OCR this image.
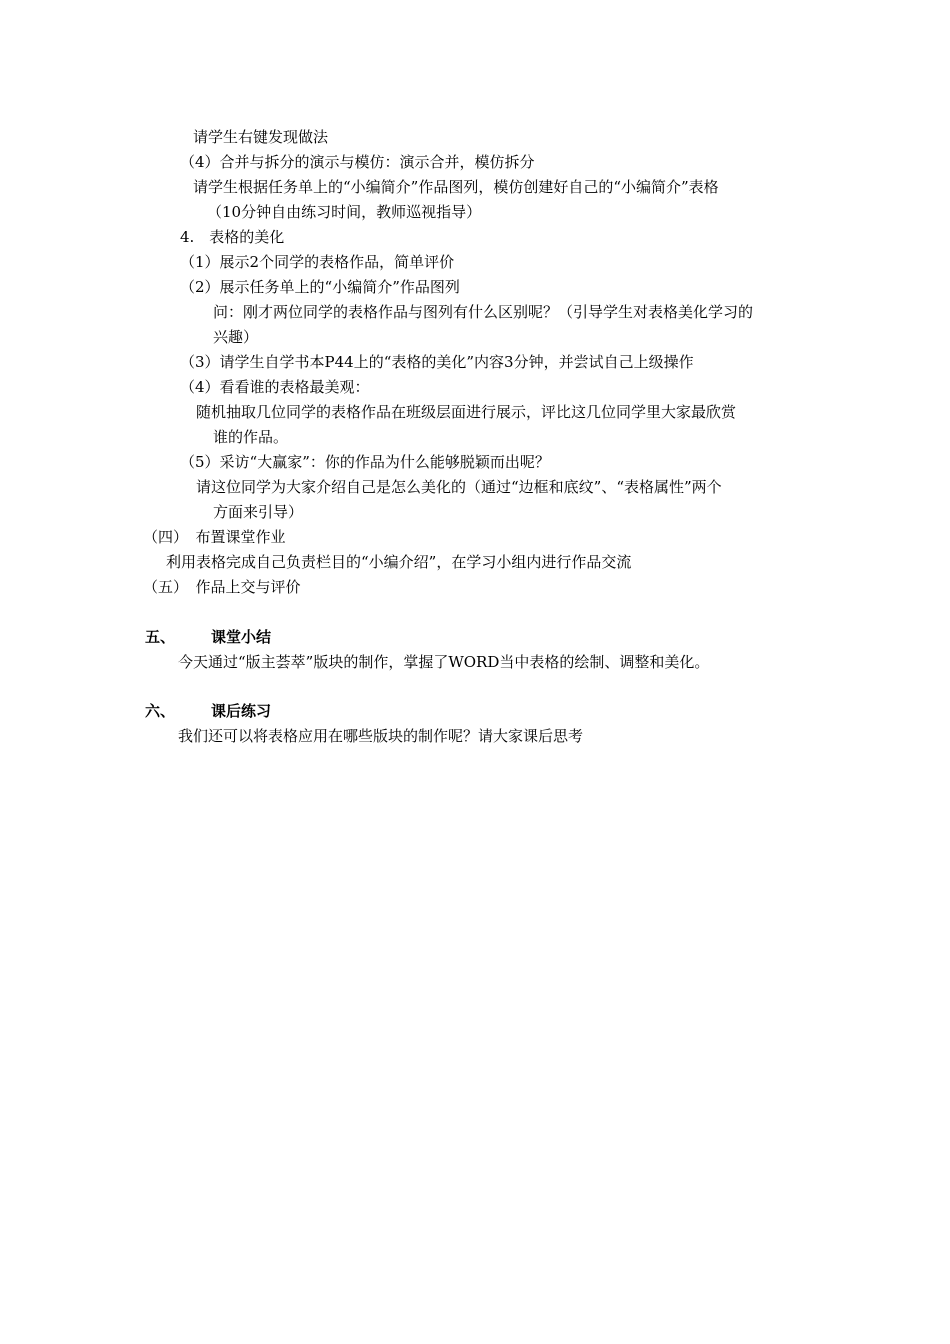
请学生右键发现做法
（4）合并与拆分的演示与模仿：演示合并，模仿拆分
请学生根据任务单上的“小编简介”作品图列，模仿创建好自己的“小编简介”表格
（10分钟自由练习时间，教师巡视指导）
4.　表格的美化
（1）展示2个同学的表格作品，简单评价
（2）展示任务单上的“小编简介”作品图列
问：刚才两位同学的表格作品与图列有什么区别呢？（引导学生对表格美化学习的
兴趣）
（3）请学生自学书本P44上的“表格的美化”内容3分钟，并尝试自己上级操作
（4）看看谁的表格最美观：
随机抽取几位同学的表格作品在班级层面进行展示，评比这几位同学里大家最欣赏
谁的作品。
（5）采访“大赢家”：你的作品为什么能够脱颖而出呢？
请这位同学为大家介绍自己是怎么美化的（通过“边框和底纹”、“表格属性”两个
方面来引导）
（四）　布置课堂作业
利用表格完成自己负责栏目的“小编介绍”，在学习小组内进行作品交流
（五）　作品上交与评价
五、 课堂小结
今天通过“版主荟萃”版块的制作，掌握了WORD当中表格的绘制、调整和美化。
六、 课后练习
我们还可以将表格应用在哪些版块的制作呢？请大家课后思考
